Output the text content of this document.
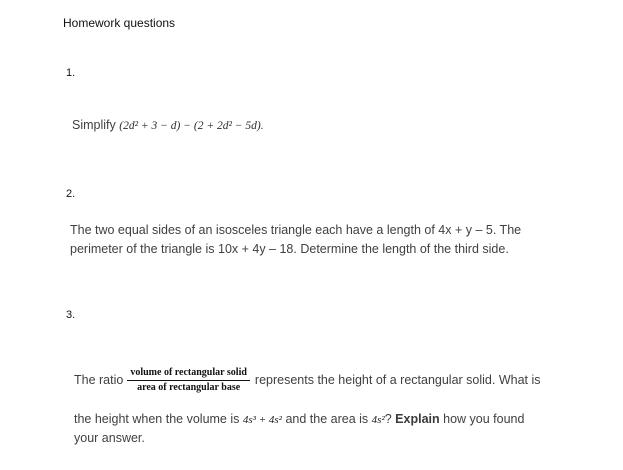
Homework questions
1.
Simplify (2d² + 3 − d) − (2 + 2d² − 5d).
2.
The two equal sides of an isosceles triangle each have a length of 4x + y – 5. The
perimeter of the triangle is 10x + 4y – 18. Determine the length of the third side.
3.
The ratio $\frac{\text{volume of rectangular solid}}{\text{area of rectangular base}}$ represents the height of a rectangular solid. What is
the height when the volume is 4s³ + 4s² and the area is 4s²? Explain how you found
your answer.
